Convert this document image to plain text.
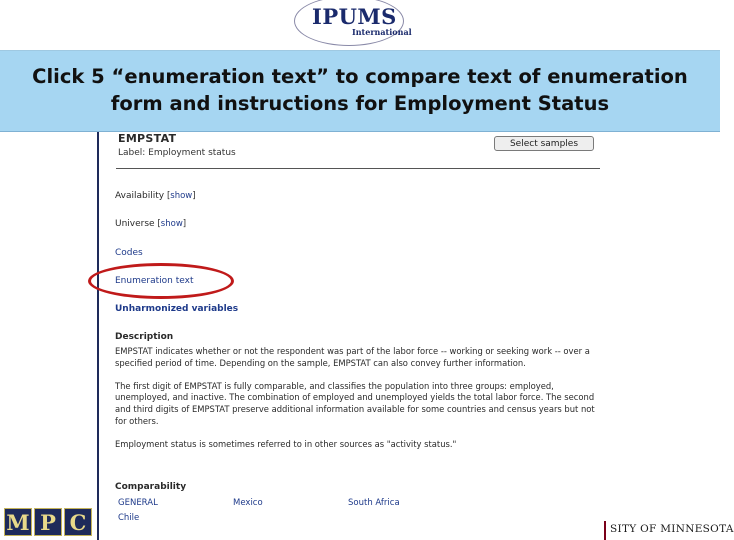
IPUMS
International
Click 5 “enumeration text” to compare text of enumeration
form and instructions for Employment Status
EMPSTAT
Label: Employment status
Select samples
Availability [show]
Universe [show]
Codes
Enumeration text
Unharmonized variables
Description

EMPSTAT indicates whether or not the respondent was part of the labor force -- working or seeking work -- over a specified period of time. Depending on the sample, EMPSTAT can also convey further information.

The first digit of EMPSTAT is fully comparable, and classifies the population into three groups: employed, unemployed, and inactive. The combination of employed and unemployed yields the total labor force. The second and third digits of EMPSTAT preserve additional information available for some countries and census years but not for others.

Employment status is sometimes referred to in other sources as "activity status."

Comparability
GENERAL	Mexico	South Africa
Chile
M P C	SITY OF MINNESOTA
